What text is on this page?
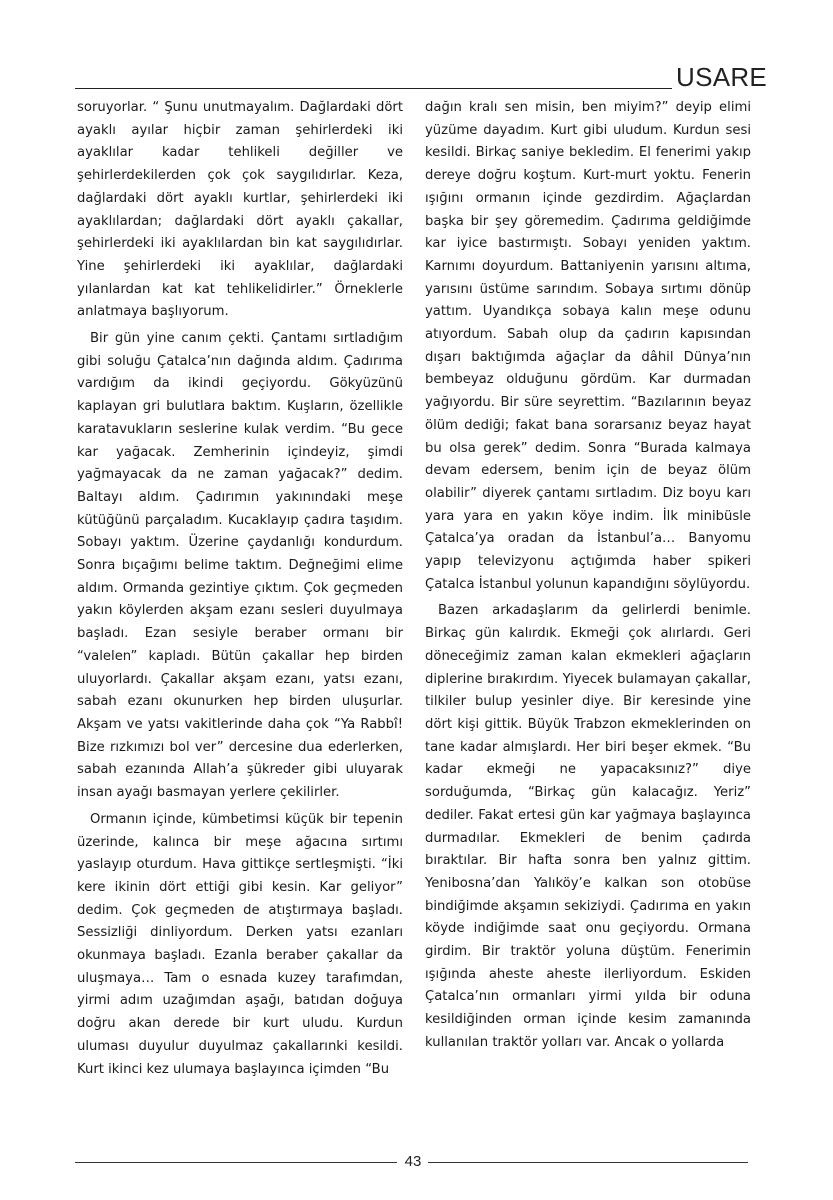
USARE

soruyorlar. “ Şunu unutmayalım. Dağlardaki dört ayaklı ayılar hiçbir zaman şehirlerdeki iki ayaklılar kadar tehlikeli değiller ve şehirlerdekilerden çok çok saygılıdırlar. Keza, dağlardaki dört ayaklı kurtlar, şehirlerdeki iki ayaklılardan; dağlardaki dört ayaklı çakallar, şehirlerdeki iki ayaklılardan bin kat saygılıdırlar. Yine şehirlerdeki iki ayaklılar, dağlardaki yılanlardan kat kat tehlikelidirler.” Örneklerle anlatmaya başlıyorum.

Bir gün yine canım çekti. Çantamı sırtladığım gibi soluğu Çatalca’nın dağında aldım. Çadırıma vardığım da ikindi geçiyordu. Gökyüzünü kaplayan gri bulutlara baktım. Kuşların, özellikle karatavukların seslerine kulak verdim. “Bu gece kar yağacak. Zemherinin içindeyiz, şimdi yağmayacak da ne zaman yağacak?” dedim. Baltayı aldım. Çadırımın yakınındaki meşe kütüğünü parçaladım. Kucaklayıp çadıra taşıdım. Sobayı yaktım. Üzerine çaydanlığı kondurdum. Sonra bıçağımı belime taktım. Değneğimi elime aldım. Ormanda gezintiye çıktım. Çok geçmeden yakın köylerden akşam ezanı sesleri duyulmaya başladı. Ezan sesiyle beraber ormanı bir “valelen” kapladı. Bütün çakallar hep birden uluyorlardı. Çakallar akşam ezanı, yatsı ezanı, sabah ezanı okunurken hep birden uluşurlar. Akşam ve yatsı vakitlerinde daha çok “Ya Rabbî! Bize rızkımızı bol ver” dercesine dua ederlerken, sabah ezanında Allah’a şükreder gibi uluyarak insan ayağı basmayan yerlere çekilirler.

Ormanın içinde, kümbetimsi küçük bir tepenin üzerinde, kalınca bir meşe ağacına sırtımı yaslayıp oturdum. Hava gittikçe sertleşmişti. “İki kere ikinin dört ettiği gibi kesin. Kar geliyor” dedim. Çok geçmeden de atıştırmaya başladı. Sessizliği dinliyordum. Derken yatsı ezanları okunmaya başladı. Ezanla beraber çakallar da uluşmaya… Tam o esnada kuzey tarafımdan, yirmi adım uzağımdan aşağı, batıdan doğuya doğru akan derede bir kurt uludu. Kurdun uluması duyulur duyulmaz çakallarınki kesildi. Kurt ikinci kez ulumaya başlayınca içimden “Bu

dağın kralı sen misin, ben miyim?” deyip elimi yüzüme dayadım. Kurt gibi uludum. Kurdun sesi kesildi. Birkaç saniye bekledim. El fenerimi yakıp dereye doğru koştum. Kurt-murt yoktu. Fenerin ışığını ormanın içinde gezdirdim. Ağaçlardan başka bir şey göremedim. Çadırıma geldiğimde kar iyice bastırmıştı. Sobayı yeniden yaktım. Karnımı doyurdum. Battaniyenin yarısını altıma, yarısını üstüme sarındım. Sobaya sırtımı dönüp yattım. Uyandıkça sobaya kalın meşe odunu atıyordum. Sabah olup da çadırın kapısından dışarı baktığımda ağaçlar da dâhil Dünya’nın bembeyaz olduğunu gördüm. Kar durmadan yağıyordu. Bir süre seyrettim. “Bazılarının beyaz ölüm dediği; fakat bana sorarsanız beyaz hayat bu olsa gerek” dedim. Sonra “Burada kalmaya devam edersem, benim için de beyaz ölüm olabilir” diyerek çantamı sırtladım. Diz boyu karı yara yara en yakın köye indim. İlk minibüsle Çatalca’ya oradan da İstanbul’a… Banyomu yapıp televizyonu açtığımda haber spikeri Çatalca İstanbul yolunun kapandığını söylüyordu.

Bazen arkadaşlarım da gelirlerdi benimle. Birkaç gün kalırdık. Ekmeği çok alırlardı. Geri döneceğimiz zaman kalan ekmekleri ağaçların diplerine bırakırdım. Yiyecek bulamayan çakallar, tilkiler bulup yesinler diye. Bir keresinde yine dört kişi gittik. Büyük Trabzon ekmeklerinden on tane kadar almışlardı. Her biri beşer ekmek. “Bu kadar ekmeği ne yapacaksınız?” diye sorduğumda, “Birkaç gün kalacağız. Yeriz” dediler. Fakat ertesi gün kar yağmaya başlayınca durmadılar. Ekmekleri de benim çadırda bıraktılar. Bir hafta sonra ben yalnız gittim. Yenibosna’dan Yalıköy’e kalkan son otobüse bindiğimde akşamın sekiziydi. Çadırıma en yakın köyde indiğimde saat onu geçiyordu. Ormana girdim. Bir traktör yoluna düştüm. Fenerimin ışığında aheste aheste ilerliyordum. Eskiden Çatalca’nın ormanları yirmi yılda bir oduna kesildiğinden orman içinde kesim zamanında kullanılan traktör yolları var. Ancak o yollarda

43
